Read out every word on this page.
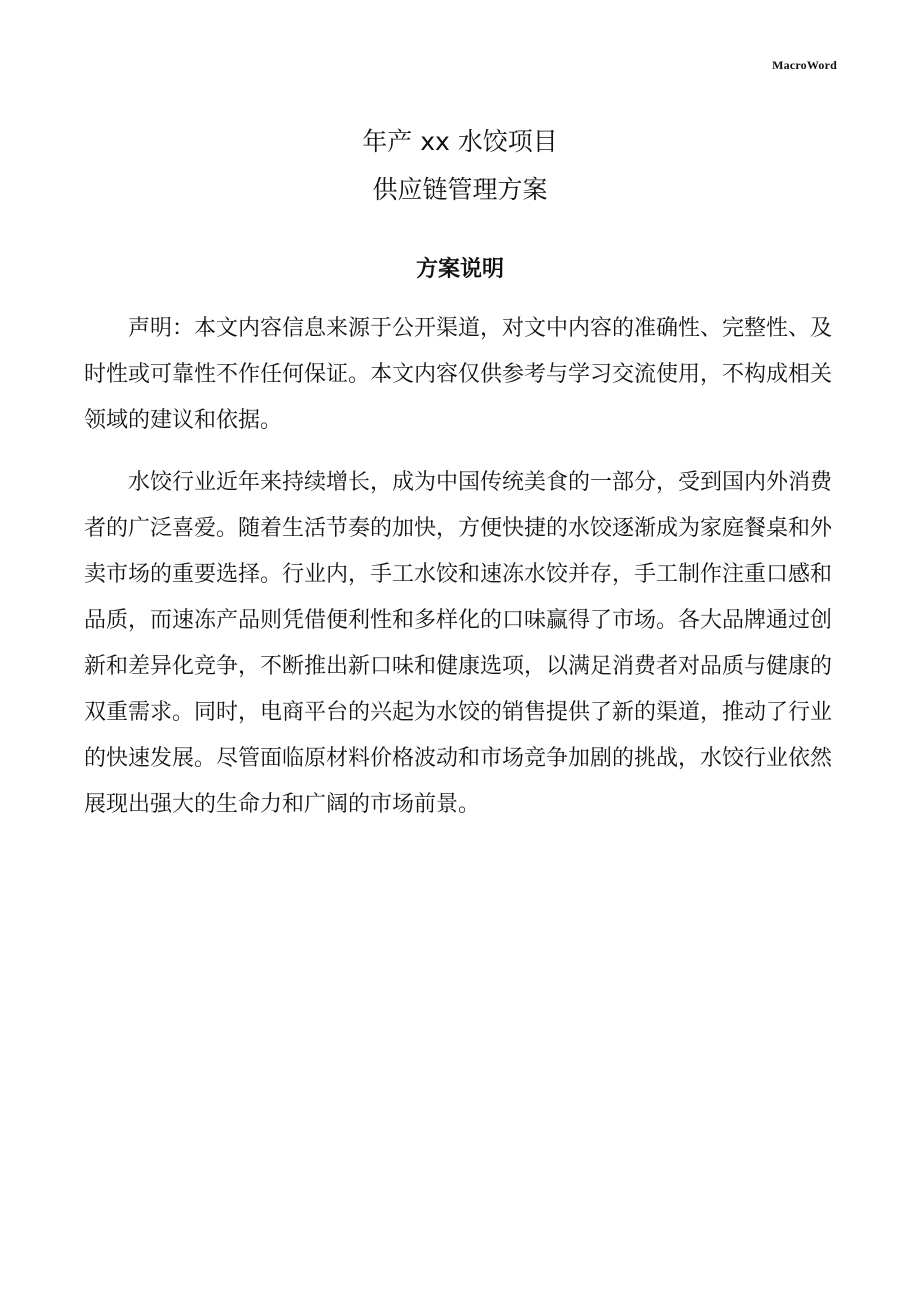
MacroWord
年产 xx 水饺项目
供应链管理方案
方案说明

声明：本文内容信息来源于公开渠道，对文中内容的准确性、完整性、及时性或可靠性不作任何保证。本文内容仅供参考与学习交流使用，不构成相关领域的建议和依据。

水饺行业近年来持续增长，成为中国传统美食的一部分，受到国内外消费者的广泛喜爱。随着生活节奏的加快，方便快捷的水饺逐渐成为家庭餐桌和外卖市场的重要选择。行业内，手工水饺和速冻水饺并存，手工制作注重口感和品质，而速冻产品则凭借便利性和多样化的口味赢得了市场。各大品牌通过创新和差异化竞争，不断推出新口味和健康选项，以满足消费者对品质与健康的双重需求。同时，电商平台的兴起为水饺的销售提供了新的渠道，推动了行业的快速发展。尽管面临原材料价格波动和市场竞争加剧的挑战，水饺行业依然展现出强大的生命力和广阔的市场前景。
